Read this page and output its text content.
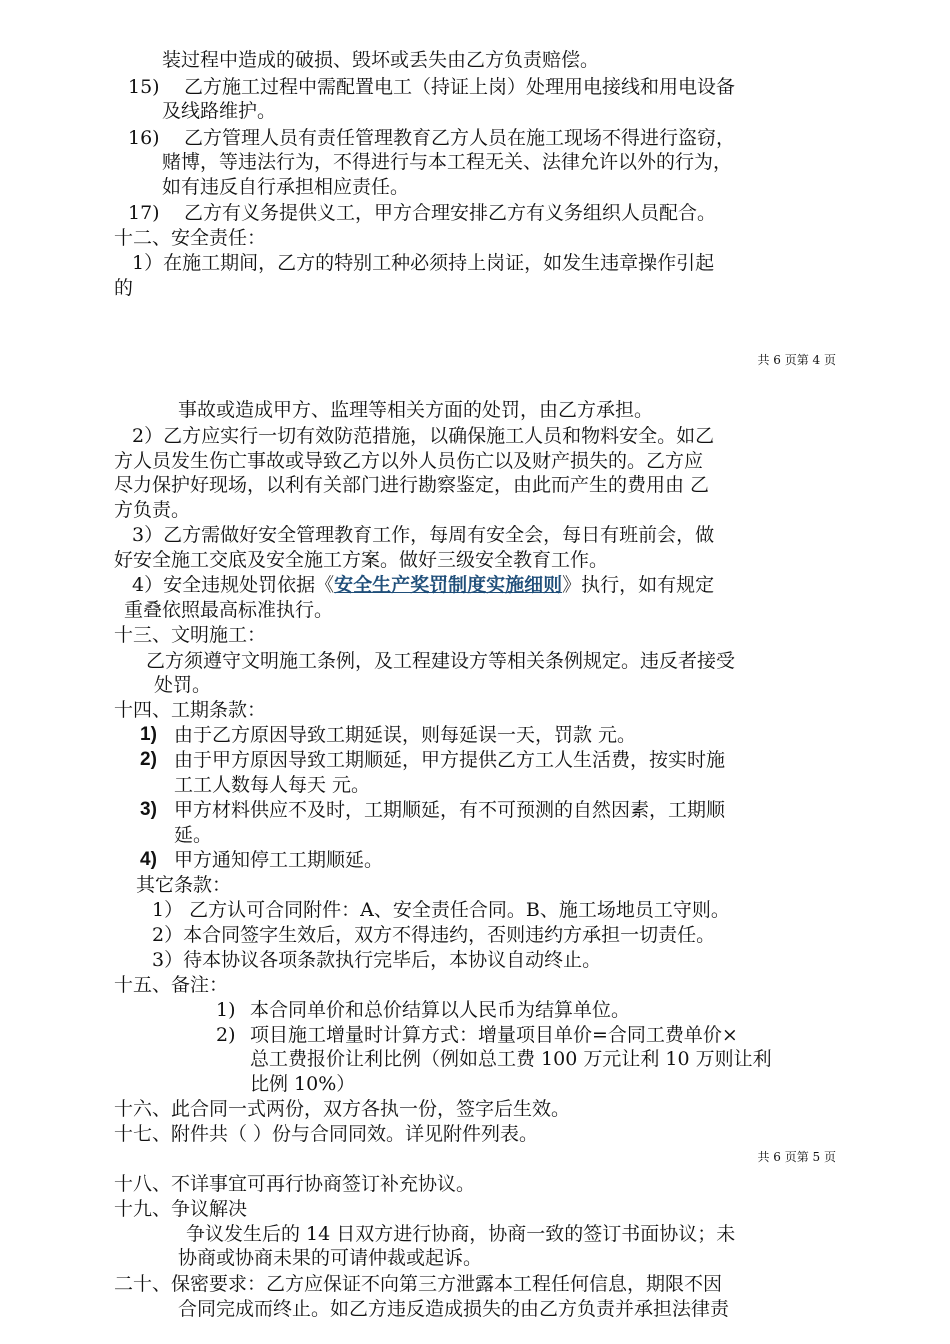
装过程中造成的破损、毁坏或丢失由乙方负责赔偿。
15) 乙方施工过程中需配置电工（持证上岗）处理用电接线和用电设备
及线路维护。
16) 乙方管理人员有责任管理教育乙方人员在施工现场不得进行盗窃，
赌博，等违法行为，不得进行与本工程无关、法律允许以外的行为，
如有违反自行承担相应责任。
17) 乙方有义务提供义工，甲方合理安排乙方有义务组织人员配合。
十二、安全责任：
1）在施工期间，乙方的特别工种必须持上岗证，如发生违章操作引起
的
共 6 页第 4 页
事故或造成甲方、监理等相关方面的处罚，由乙方承担。
2）乙方应实行一切有效防范措施，以确保施工人员和物料安全。如乙
方人员发生伤亡事故或导致乙方以外人员伤亡以及财产损失的。乙方应
尽力保护好现场，以利有关部门进行勘察鉴定，由此而产生的费用由 乙
方负责。
3）乙方需做好安全管理教育工作，每周有安全会，每日有班前会，做
好安全施工交底及安全施工方案。做好三级安全教育工作。
4）安全违规处罚依据《安全生产奖罚制度实施细则》执行，如有规定
重叠依照最高标准执行。
十三、文明施工：
乙方须遵守文明施工条例，及工程建设方等相关条例规定。违反者接受
处罚。
十四、工期条款：
1) 由于乙方原因导致工期延误，则每延误一天，罚款 元。
2) 由于甲方原因导致工期顺延，甲方提供乙方工人生活费，按实时施
工工人数每人每天 元。
3) 甲方材料供应不及时，工期顺延，有不可预测的自然因素，工期顺
延。
4) 甲方通知停工工期顺延。
其它条款：
1） 乙方认可合同附件：A、安全责任合同。B、施工场地员工守则。
2）本合同签字生效后，双方不得违约，否则违约方承担一切责任。
3）待本协议各项条款执行完毕后，本协议自动终止。
十五、备注：
1) 本合同单价和总价结算以人民币为结算单位。
2) 项目施工增量时计算方式：增量项目单价=合同工费单价×
总工费报价让利比例（例如总工费 100 万元让利 10 万则让利
比例 10%）
十六、此合同一式两份，双方各执一份，签字后生效。
十七、附件共（ ）份与合同同效。详见附件列表。
共 6 页第 5 页
十八、不详事宜可再行协商签订补充协议。
十九、争议解决
争议发生后的 14 日双方进行协商，协商一致的签订书面协议；未
协商或协商未果的可请仲裁或起诉。
二十、保密要求：乙方应保证不向第三方泄露本工程任何信息，期限不因
合同完成而终止。如乙方违反造成损失的由乙方负责并承担法律责
